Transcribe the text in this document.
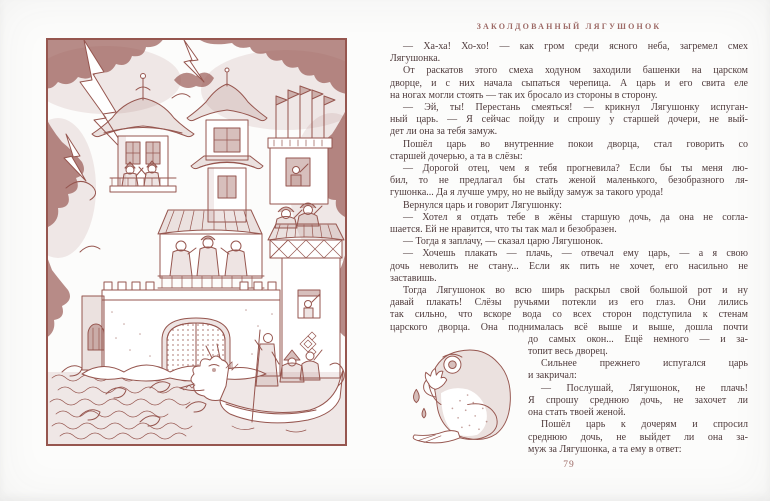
ЗАКОЛДОВАННЫЙ ЛЯГУШОНОК
— Ха-ха! Хо-хо! — как гром среди ясного неба, загремел смех
Лягушонка.
От раскатов этого смеха ходуном заходили башенки на царском
дворце, и с них начала сыпаться черепица. А царь и его свита еле
на ногах могли стоять — так их бросало из стороны в сторону.
— Эй, ты! Перестань смеяться! — крикнул Лягушонку испуган-
ный царь. — Я сейчас пойду и спрошу у старшей дочери, не вый-
дет ли она за тебя замуж.
Пошёл царь во внутренние покои дворца, стал говорить со
старшей дочерью, а та в слёзы:
— Дорогой отец, чем я тебя прогневила? Если бы ты меня лю-
бил, то не предлагал бы стать женой маленького, безобразного ля-
гушонка... Да я лучше умру, но не выйду замуж за такого урода!
Вернулся царь и говорит Лягушонку:
— Хотел я отдать тебе в жёны старшую дочь, да она не согла-
шается. Ей не нравится, что ты так мал и безобразен.
— Тогда я запла́чу, — сказал царю Лягушонок.
— Хочешь плакать — плачь, — отвечал ему царь, — а я свою
дочь неволить не стану... Если як пить не хочет, его насильно не
заставишь.
Тогда Лягушонок во всю ширь раскрыл свой большой рот и ну
давай плакать! Слёзы ручьями потекли из его глаз. Они лились
так сильно, что вскоре вода со всех сторон подступила к стенам
царского дворца. Она поднималась всё выше и выше, дошла почти
до самых окон... Ещё немного — и за-
топит весь дворец.
Сильнее прежнего испугался царь
и закричал:
— Послушай, Лягушонок, не плачь!
Я спрошу среднюю дочь, не захочет ли
она стать твоей женой.
Пошёл царь к дочерям и спросил
среднюю дочь, не выйдет ли она за-
муж за Лягушонка, а та ему в ответ:
79
